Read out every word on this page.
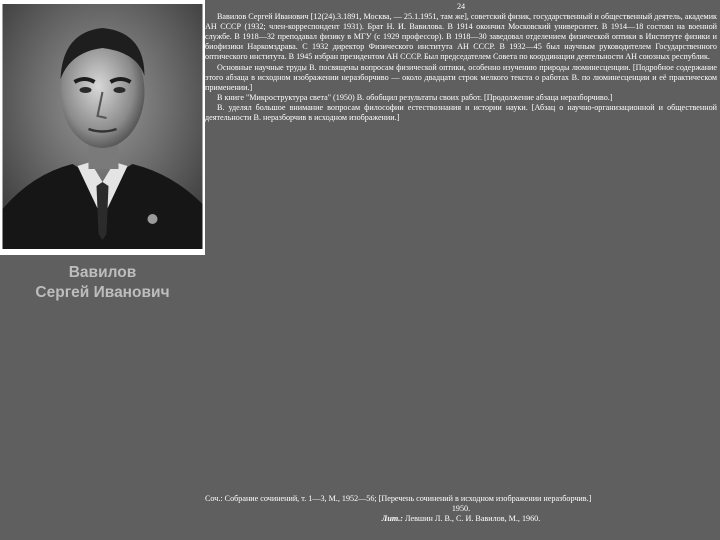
Вавилов
Сергей Иванович

24

Вавилов Сергей Иванович [12(24).3.1891, Москва, — 25.1.1951, там же], советский физик, государственный и общественный деятель, академик АН СССР (1932; член-корреспондент 1931). Брат Н. И. Вавилова. В 1914 окончил Московский университет. В 1914—18 состоял на военной службе. В 1918—32 преподавал физику в МГУ (с 1929 профессор). В 1918—30 заведовал отделением физической оптики в Институте физики и биофизики Наркомздрава. С 1932 директор Физического института АН СССР. В 1932—45 был научным руководителем Государственного оптического института. В 1945 избран президентом АН СССР. Был председателем Совета по координации деятельности АН союзных республик.

Основные научные труды В. посвящены вопросам физической оптики, особенно изучению природы люминесценции. [Подробное содержание этого абзаца в исходном изображении неразборчиво — около двадцати строк мелкого текста о работах В. по люминесценции и её практическом применении.]

В книге "Микроструктура света" (1950) В. обобщил результаты своих работ. [Продолжение абзаца неразборчиво.]

В. уделял большое внимание вопросам философии естествознания и истории науки. [Абзац о научно-организационной и общественной деятельности В. неразборчив в исходном изображении.]

Соч.: Собрание сочинений, т. 1—3, М., 1952—56; [Перечень сочинений в исходном изображении неразборчив.]

1950.

Лит.: Левшин Л. В., С. И. Вавилов, М., 1960.
